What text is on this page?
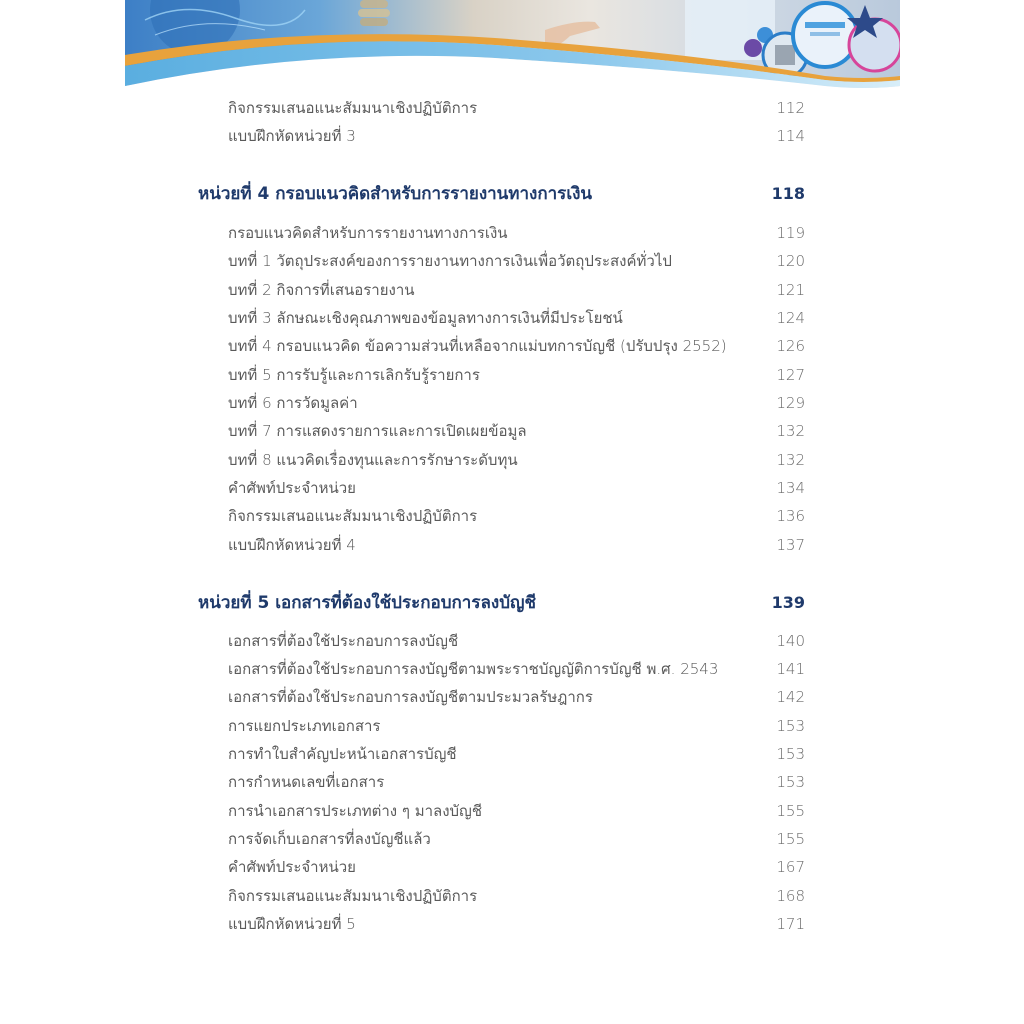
กิจกรรมเสนอแนะสัมมนาเชิงปฏิบัติการ	112
แบบฝึกหัดหน่วยที่ 3	114
หน่วยที่ 4 กรอบแนวคิดสำหรับการรายงานทางการเงิน	118
กรอบแนวคิดสำหรับการรายงานทางการเงิน	119
บทที่ 1 วัตถุประสงค์ของการรายงานทางการเงินเพื่อวัตถุประสงค์ทั่วไป	120
บทที่ 2 กิจการที่เสนอรายงาน	121
บทที่ 3 ลักษณะเชิงคุณภาพของข้อมูลทางการเงินที่มีประโยชน์	124
บทที่ 4 กรอบแนวคิด ข้อความส่วนที่เหลือจากแม่บทการบัญชี (ปรับปรุง 2552)	126
บทที่ 5 การรับรู้และการเลิกรับรู้รายการ	127
บทที่ 6 การวัดมูลค่า	129
บทที่ 7 การแสดงรายการและการเปิดเผยข้อมูล	132
บทที่ 8 แนวคิดเรื่องทุนและการรักษาระดับทุน	132
คำศัพท์ประจำหน่วย	134
กิจกรรมเสนอแนะสัมมนาเชิงปฏิบัติการ	136
แบบฝึกหัดหน่วยที่ 4	137
หน่วยที่ 5 เอกสารที่ต้องใช้ประกอบการลงบัญชี	139
เอกสารที่ต้องใช้ประกอบการลงบัญชี	140
เอกสารที่ต้องใช้ประกอบการลงบัญชีตามพระราชบัญญัติการบัญชี พ.ศ. 2543	141
เอกสารที่ต้องใช้ประกอบการลงบัญชีตามประมวลรัษฎากร	142
การแยกประเภทเอกสาร	153
การทำใบสำคัญปะหน้าเอกสารบัญชี	153
การกำหนดเลขที่เอกสาร	153
การนำเอกสารประเภทต่าง ๆ มาลงบัญชี	155
การจัดเก็บเอกสารที่ลงบัญชีแล้ว	155
คำศัพท์ประจำหน่วย	167
กิจกรรมเสนอแนะสัมมนาเชิงปฏิบัติการ	168
แบบฝึกหัดหน่วยที่ 5	171
